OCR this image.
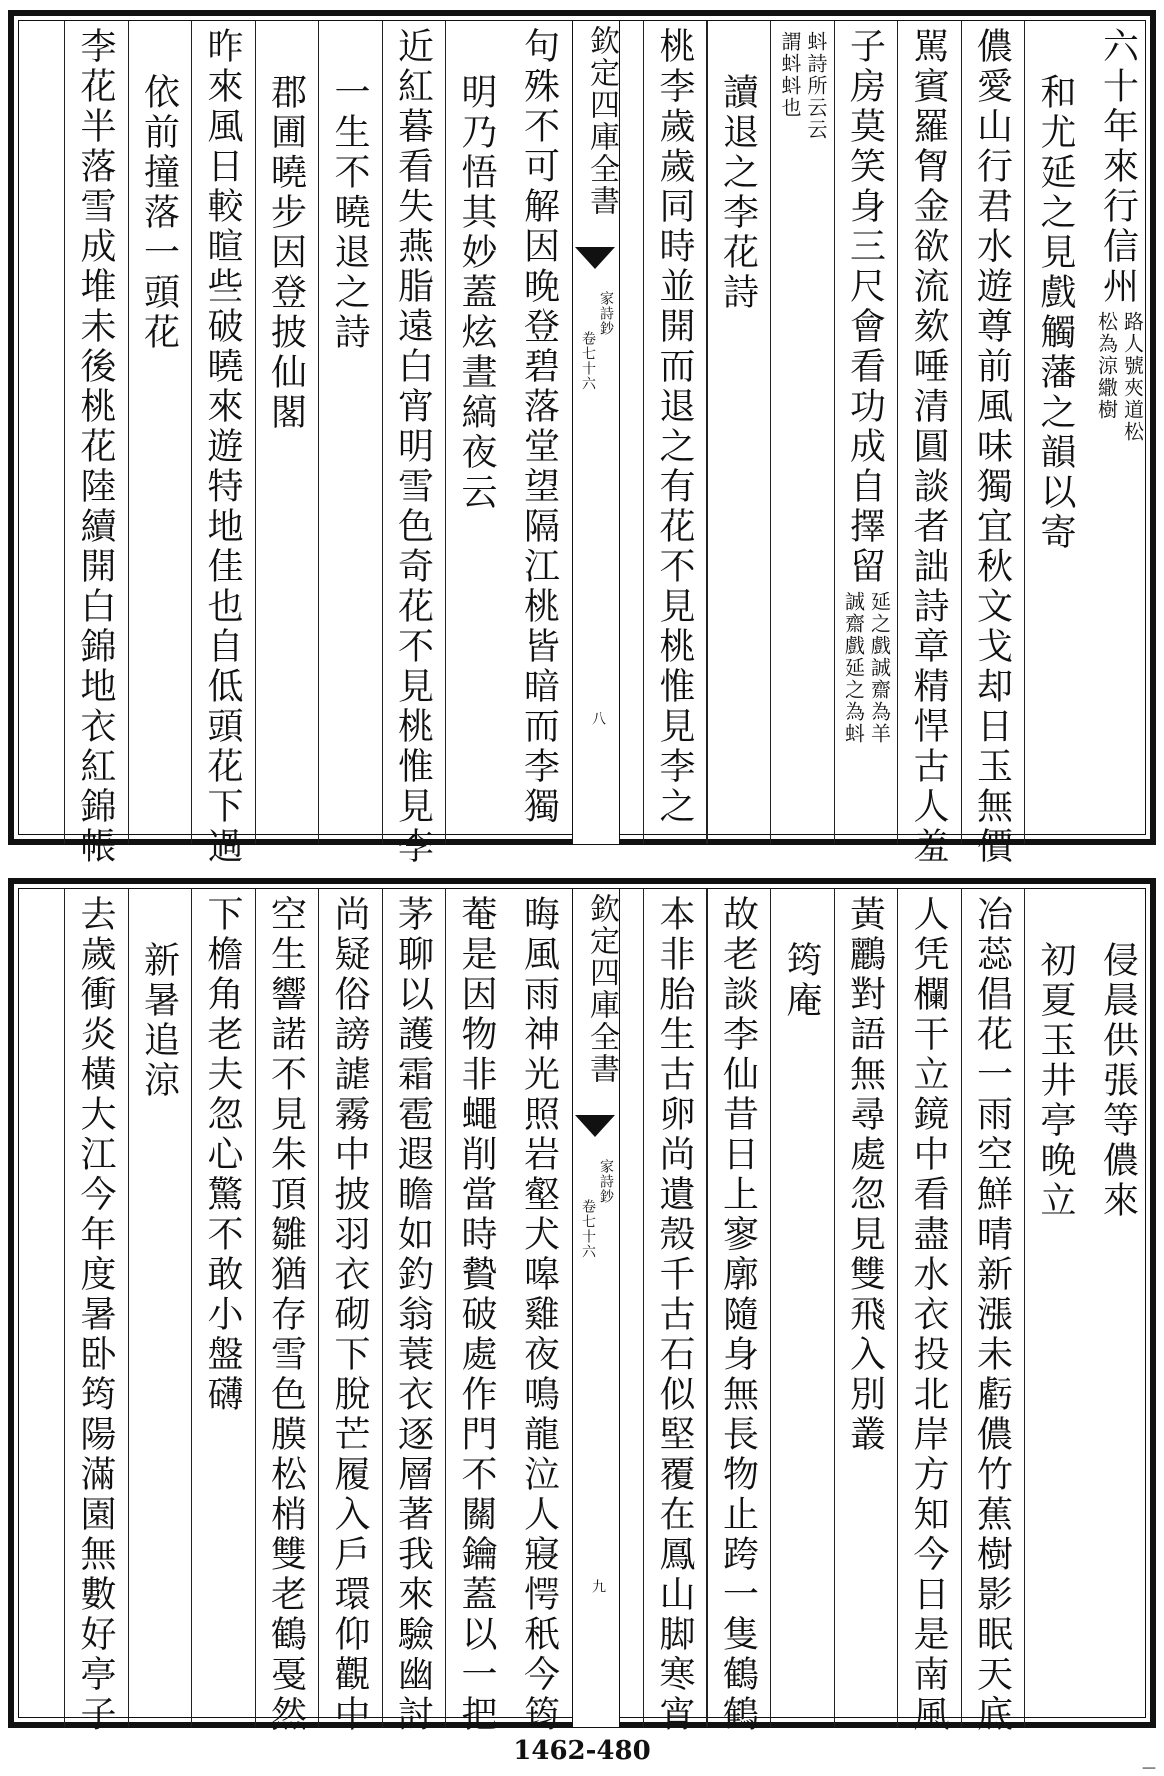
六十年來行信州
路人號夾道松
松為涼繖樹
和尤延之見戲觸藩之韻以寄
儂愛山行君水遊尊前風味獨宜秋文戈却日玉無價
駡賓羅胷金欲流欬唾清圓談者詘詩章精悍古人羞
子房莫笑身三尺會看功成自擇留
延之戲誠齋為羊
誠齋戲延之為蚪
蚪詩所云云
謂蚪蚪也
讀退之李花詩
桃李歲歲同時並開而退之有花不見桃惟見李之
句殊不可解因晚登碧落堂望隔江桃皆暗而李獨
明乃悟其妙蓋炫晝縞夜云
近紅暮看失燕脂遠白宵明雪色奇花不見桃惟見李
一生不曉退之詩
郡圃曉步因登披仙閣
昨來風日較暄些破曉來遊特地佳也自低頭花下過
依前撞落一頭花
李花半落雪成堆未後桃花陸續開白錦地衣紅錦帳	欽定四庫全書
家詩鈔
卷七十六
八
侵晨供張等儂來
初夏玉井亭晚立
冶蕊倡花一雨空鮮晴新漲未虧儂竹蕉樹影眠天底
人凭欄干立鏡中看盡水衣投北岸方知今日是南風
黃鸝對語無尋處忽見雙飛入別叢
筠庵
故老談李仙昔日上寥廓隨身無長物止跨一隻鶴鶴
本非胎生古卵尚遺殼千古石似堅覆在鳳山脚寒宵
晦風雨神光照岩壑犬嗥雞夜鳴龍泣人寢愕秖今筠
菴是因物非蠅削當時䞇破處作門不關鑰蓋以一把
茅聊以護霜雹遐瞻如釣翁蓑衣逐層著我來驗幽討
尚疑俗謗謔霧中披羽衣砌下脫芒履入戶環仰觀中
空生響諾不見朱頂雛猶存雪色膜松梢雙老鶴戞然
下檐角老夫忽心驚不敢小盤礴
新暑追涼
去歲衝炎橫大江今年度暑卧筠陽滿園無數好亭子	欽定四庫全書
家詩鈔
卷七十六
九
1462-480
—
